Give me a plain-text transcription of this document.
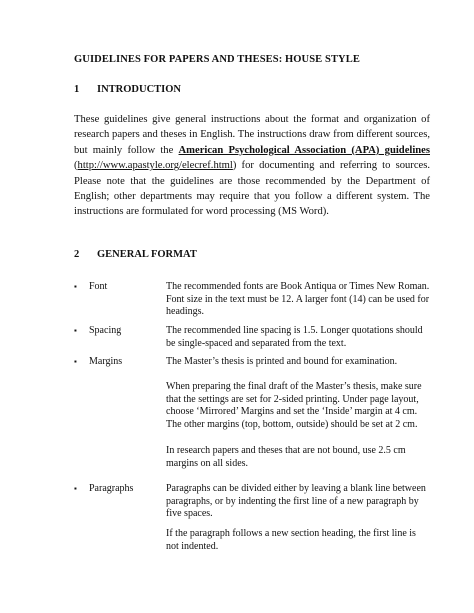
GUIDELINES FOR PAPERS AND THESES: HOUSE STYLE
1 INTRODUCTION
These guidelines give general instructions about the format and organization of
research papers and theses in English. The instructions draw from different sources,
but mainly follow the American Psychological Association (APA) guidelines
(http://www.apastyle.org/elecref.html) for documenting and referring to sources.
Please note that the guidelines are those recommended by the Department of
English; other departments may require that you follow a different system. The
instructions are formulated for word processing (MS Word).
2 GENERAL FORMAT
▪ Font	The recommended fonts are Book Antiqua or Times New Roman. Font size in the text must be 12. A larger font (14) can be used for headings.
▪ Spacing	The recommended line spacing is 1.5. Longer quotations should be single-spaced and separated from the text.
▪ Margins	The Master’s thesis is printed and bound for examination.
When preparing the final draft of the Master’s thesis, make sure that the settings are set for 2-sided printing. Under page layout, choose ‘Mirrored’ Margins and set the ‘Inside’ margin at 4 cm. The other margins (top, bottom, outside) should be set at 2 cm.
In research papers and theses that are not bound, use 2.5 cm margins on all sides.
▪ Paragraphs	Paragraphs can be divided either by leaving a blank line between paragraphs, or by indenting the first line of a new paragraph by five spaces.
If the paragraph follows a new section heading, the first line is not indented.
